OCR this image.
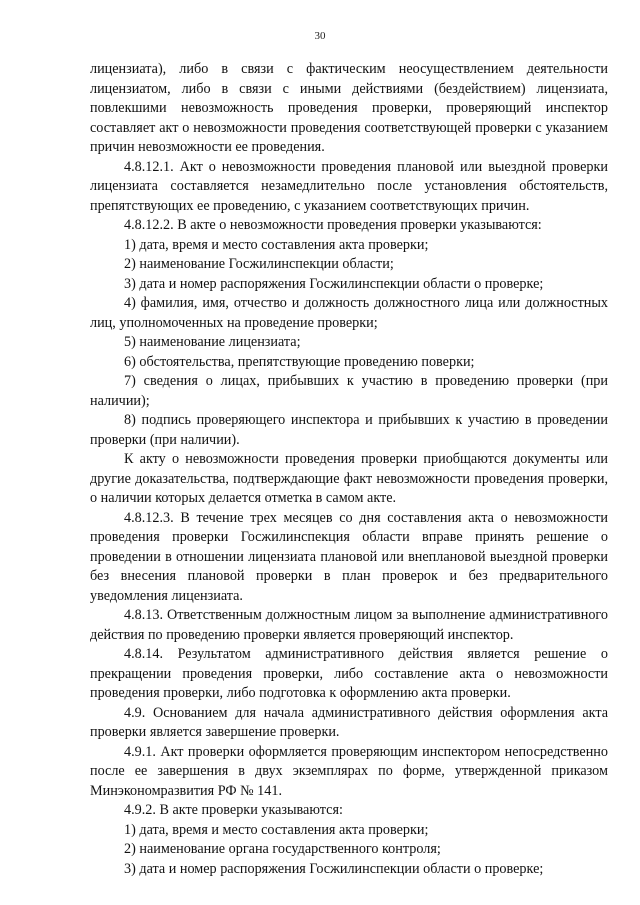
30

лицензиата), либо в связи с фактическим неосуществлением деятельности лицензиатом, либо в связи с иными действиями (бездействием) лицензиата, повлекшими невозможность проведения проверки, проверяющий инспектор составляет акт о невозможности проведения соответствующей проверки с указанием причин невозможности ее проведения.

4.8.12.1. Акт о невозможности проведения плановой или выездной проверки лицензиата составляется незамедлительно после установления обстоятельств, препятствующих ее проведению, с указанием соответствующих причин.

4.8.12.2. В акте о невозможности проведения проверки указываются:

1) дата, время и место составления акта проверки;

2) наименование Госжилинспекции области;

3) дата и номер распоряжения Госжилинспекции области о проверке;

4) фамилия, имя, отчество и должность должностного лица или должностных лиц, уполномоченных на проведение проверки;

5) наименование лицензиата;

6) обстоятельства, препятствующие проведению поверки;

7) сведения о лицах, прибывших к участию в проведению проверки (при наличии);

8) подпись проверяющего инспектора и прибывших к участию в проведении проверки (при наличии).

К акту о невозможности проведения проверки приобщаются документы или другие доказательства, подтверждающие факт невозможности проведения проверки, о наличии которых делается отметка в самом акте.

4.8.12.3. В течение трех месяцев со дня составления акта о невозможности проведения проверки Госжилинспекция области вправе принять решение о проведении в отношении лицензиата плановой или внеплановой выездной проверки без внесения плановой проверки в план проверок и без предварительного уведомления лицензиата.

4.8.13. Ответственным должностным лицом за выполнение административного действия по проведению проверки является проверяющий инспектор.

4.8.14. Результатом административного действия является решение о прекращении проведения проверки, либо составление акта о невозможности проведения проверки, либо подготовка к оформлению акта проверки.

4.9. Основанием для начала административного действия оформления акта проверки является завершение проверки.

4.9.1. Акт проверки оформляется проверяющим инспектором непосредственно после ее завершения в двух экземплярах по форме, утвержденной приказом Минэкономразвития РФ № 141.

4.9.2. В акте проверки указываются:

1) дата, время и место составления акта проверки;

2) наименование органа государственного контроля;

3) дата и номер распоряжения Госжилинспекции области о проверке;
